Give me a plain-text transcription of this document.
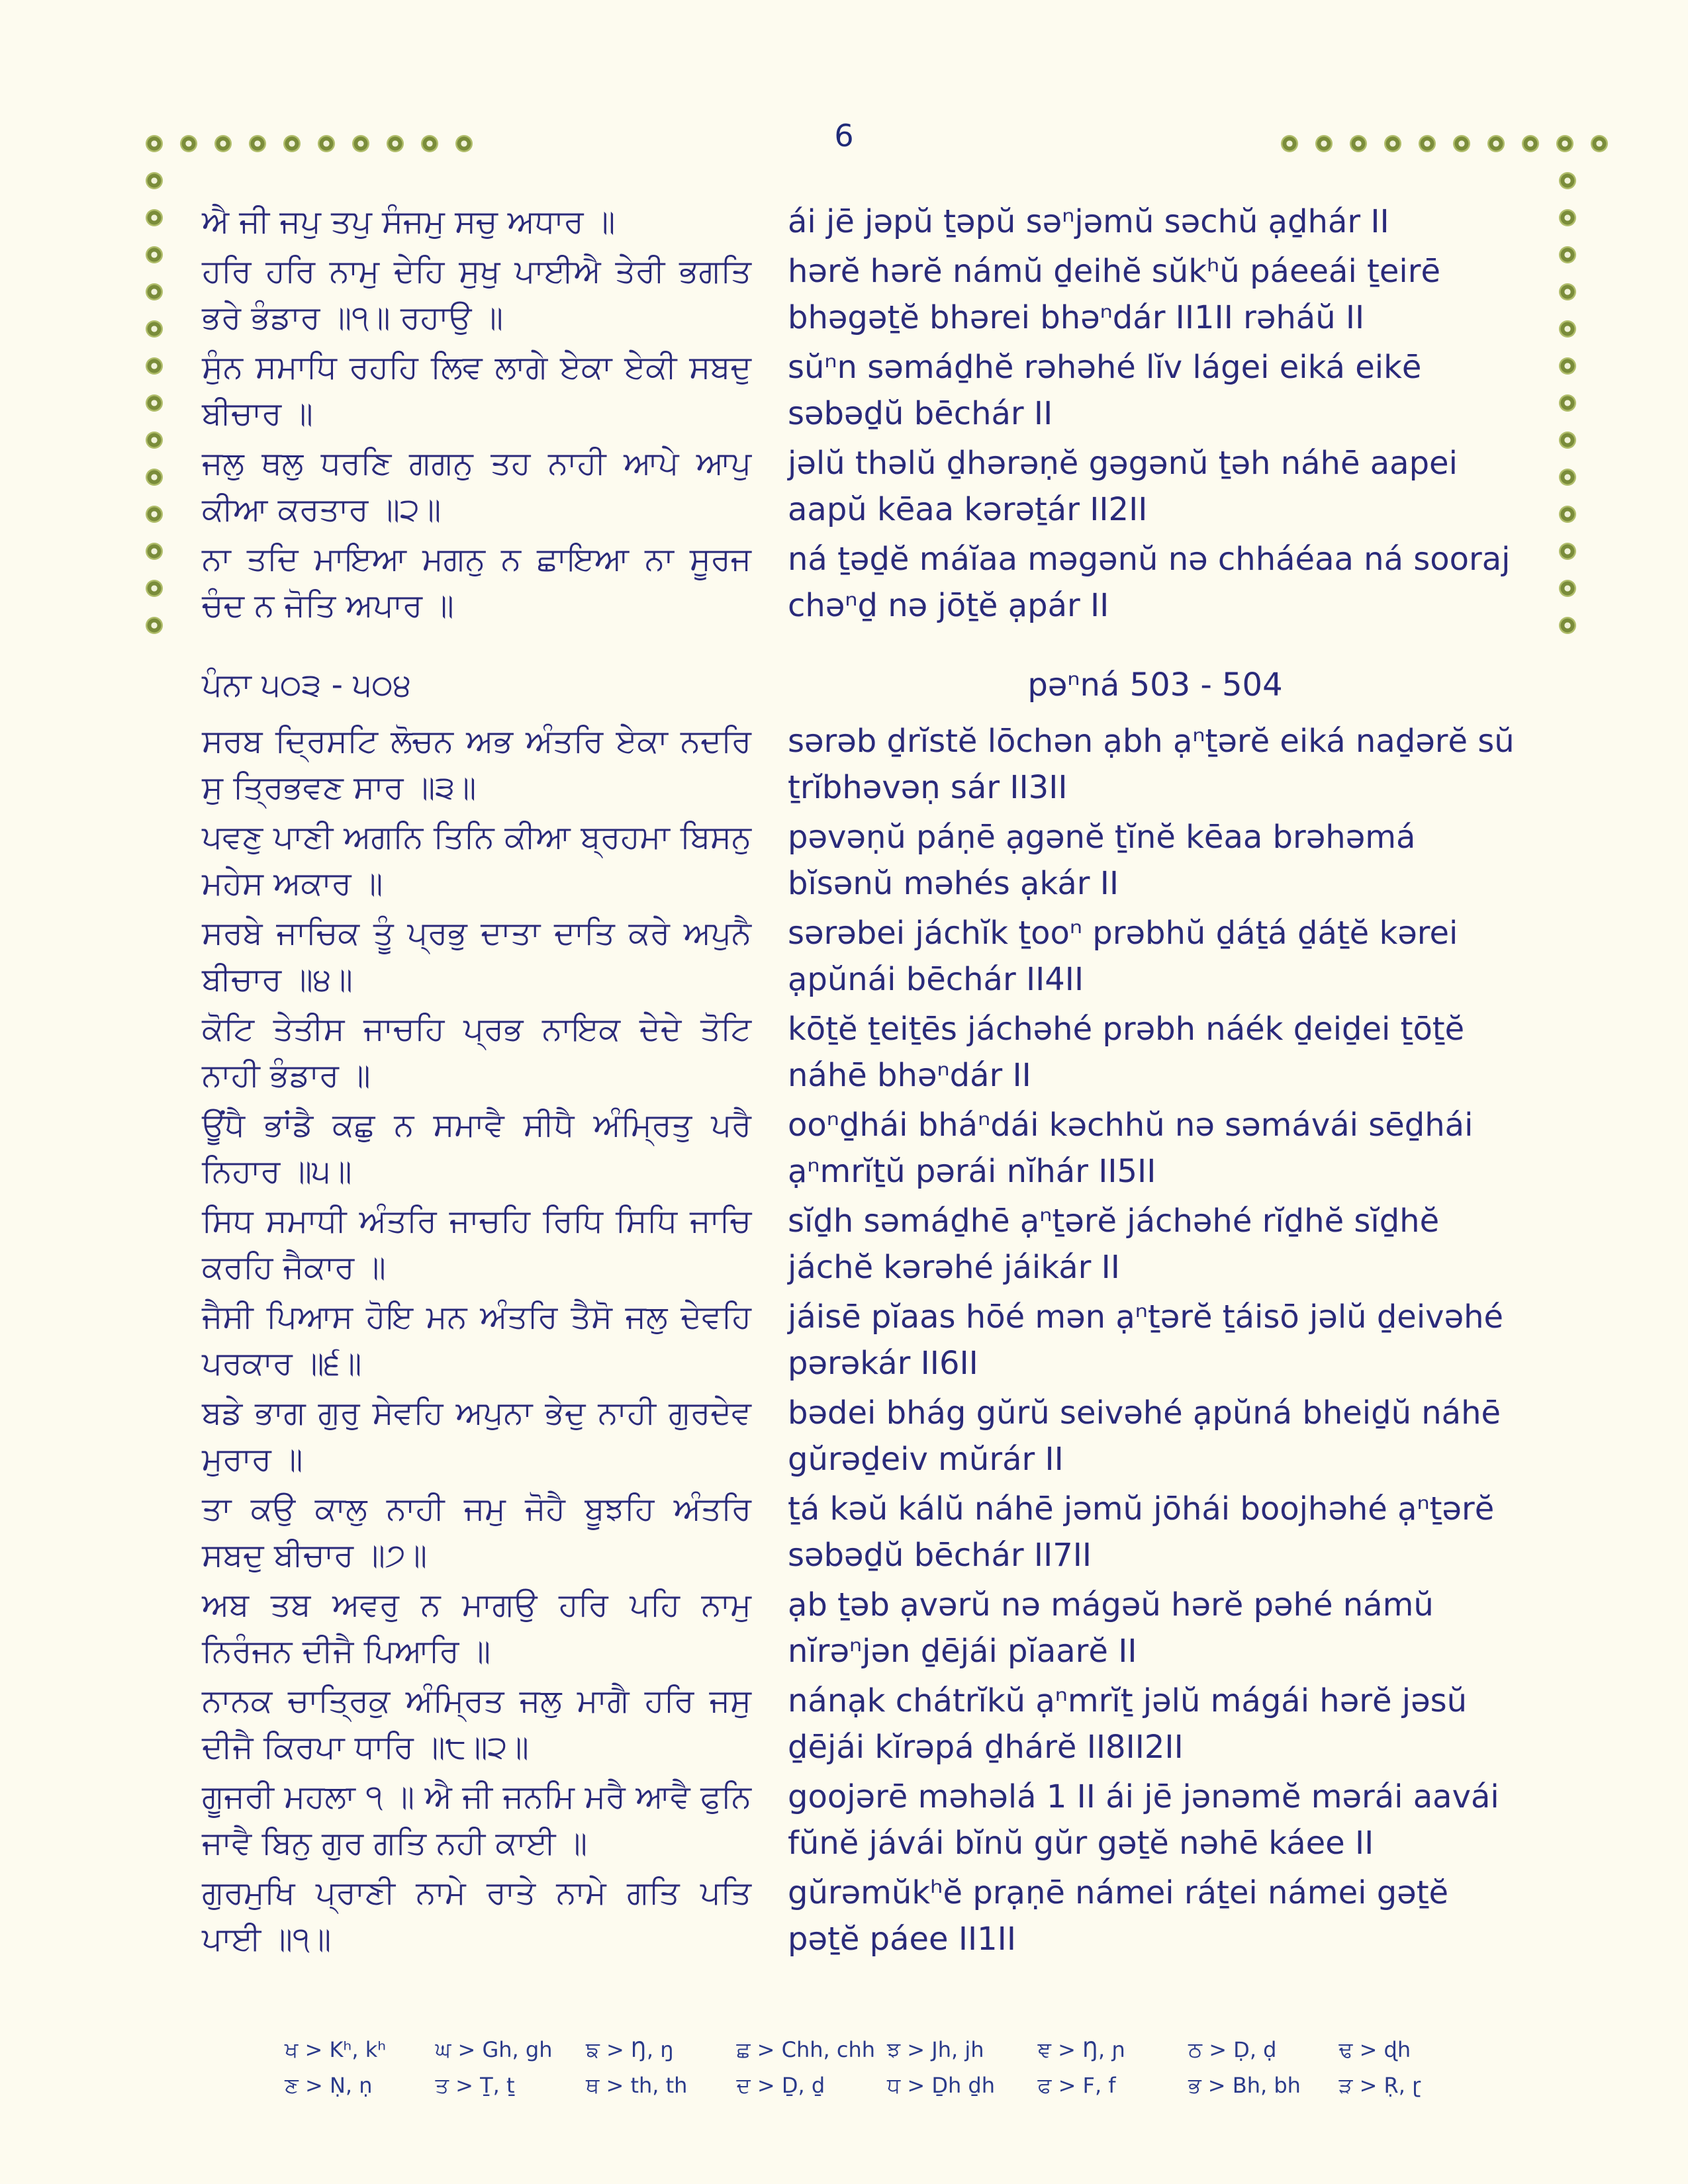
6
ਐ ਜੀ ਜਪੁ ਤਪੁ ਸੰਜਮੁ ਸਚੁ ਅਧਾਰ ॥	ái jē jəpŭ ṯəpŭ səⁿjəmŭ səchŭ ạḏhár II
ਹਰਿ ਹਰਿ ਨਾਮੁ ਦੇਹਿ ਸੁਖੁ ਪਾਈਐ ਤੇਰੀ ਭਗਤਿ ਭਰੇ ਭੰਡਾਰ ॥੧॥ ਰਹਾਉ ॥
hərĕ hərĕ námŭ ḏeihĕ sŭkʰŭ páeeái ṯeirē bhəgəṯĕ bhərei bhəⁿdár II1II rəháŭ II
ਸੁੰਨ ਸਮਾਧਿ ਰਹਹਿ ਲਿਵ ਲਾਗੇ ਏਕਾ ਏਕੀ ਸਬਦੁ ਬੀਚਾਰ ॥
sŭⁿn səmáḏhĕ rəhəhé lĭv lágei eiká eikē səbəḏŭ bēchár II
ਜਲੁ ਥਲੁ ਧਰਣਿ ਗਗਨੁ ਤਹ ਨਾਹੀ ਆਪੇ ਆਪੁ ਕੀਆ ਕਰਤਾਰ ॥੨॥
jəlŭ thəlŭ ḏhərəṇĕ gəgənŭ ṯəh náhē aapei aapŭ kēaa kərəṯár II2II
ਨਾ ਤਦਿ ਮਾਇਆ ਮਗਨੁ ਨ ਛਾਇਆ ਨਾ ਸੂਰਜ ਚੰਦ ਨ ਜੋਤਿ ਅਪਾਰ ॥
ná ṯəḏĕ máĭaa məgənŭ nə chháéaa ná sooraj chəⁿḏ nə jōṯĕ ạpár II
ਪੰਨਾ ੫੦੩ - ੫੦੪	pəⁿná 503 - 504
ਸਰਬ ਦ੍ਰਿਸਟਿ ਲੋਚਨ ਅਭ ਅੰਤਰਿ ਏਕਾ ਨਦਰਿ ਸੁ ਤ੍ਰਿਭਵਣ ਸਾਰ ॥੩॥
sərəb ḏrĭstĕ lōchən ạbh ạⁿṯərĕ eiká naḏərĕ sŭ ṯrĭbhəvəṇ sár II3II
ਪਵਣੁ ਪਾਣੀ ਅਗਨਿ ਤਿਨਿ ਕੀਆ ਬ੍ਰਹਮਾ ਬਿਸਨੁ ਮਹੇਸ ਅਕਾਰ ॥
pəvəṇŭ páṇē ạgənĕ ṯĭnĕ kēaa brəhəmá bĭsənŭ məhés ạkár II
ਸਰਬੇ ਜਾਚਿਕ ਤੂੰ ਪ੍ਰਭੁ ਦਾਤਾ ਦਾਤਿ ਕਰੇ ਅਪੁਨੈ ਬੀਚਾਰ ॥੪॥
sərəbei jáchĭk ṯooⁿ prəbhŭ ḏáṯá ḏáṯĕ kərei ạpŭnái bēchár II4II
ਕੋਟਿ ਤੇਤੀਸ ਜਾਚਹਿ ਪ੍ਰਭ ਨਾਇਕ ਦੇਦੇ ਤੋਟਿ ਨਾਹੀ ਭੰਡਾਰ ॥
kōṯĕ ṯeiṯēs jáchəhé prəbh náék ḏeiḏei ṯōṯĕ náhē bhəⁿdár II
ਊਂਧੈ ਭਾਂਡੈ ਕਛੁ ਨ ਸਮਾਵੈ ਸੀਧੈ ਅੰਮ੍ਰਿਤੁ ਪਰੈ ਨਿਹਾਰ ॥੫॥
ooⁿḏhái bháⁿdái kəchhŭ nə səmávái sēḏhái ạⁿmrĭṯŭ pərái nĭhár II5II
ਸਿਧ ਸਮਾਧੀ ਅੰਤਰਿ ਜਾਚਹਿ ਰਿਧਿ ਸਿਧਿ ਜਾਚਿ ਕਰਹਿ ਜੈਕਾਰ ॥
sĭḏh səmáḏhē ạⁿṯərĕ jáchəhé rĭḏhĕ sĭḏhĕ jáchĕ kərəhé jáikár II
ਜੈਸੀ ਪਿਆਸ ਹੋਇ ਮਨ ਅੰਤਰਿ ਤੈਸੋ ਜਲੁ ਦੇਵਹਿ ਪਰਕਾਰ ॥੬॥
jáisē pĭaas hōé mən ạⁿṯərĕ ṯáisō jəlŭ ḏeivəhé pərəkár II6II
ਬਡੇ ਭਾਗ ਗੁਰੁ ਸੇਵਹਿ ਅਪੁਨਾ ਭੇਦੁ ਨਾਹੀ ਗੁਰਦੇਵ ਮੁਰਾਰ ॥
bədei bhág gŭrŭ seivəhé ạpŭná bheiḏŭ náhē gŭrəḏeiv mŭrár II
ਤਾ ਕਉ ਕਾਲੁ ਨਾਹੀ ਜਮੁ ਜੋਹੈ ਬੂਝਹਿ ਅੰਤਰਿ ਸਬਦੁ ਬੀਚਾਰ ॥੭॥
ṯá kəŭ kálŭ náhē jəmŭ jōhái boojhəhé ạⁿṯərĕ səbəḏŭ bēchár II7II
ਅਬ ਤਬ ਅਵਰੁ ਨ ਮਾਗਉ ਹਰਿ ਪਹਿ ਨਾਮੁ ਨਿਰੰਜਨ ਦੀਜੈ ਪਿਆਰਿ ॥
ạb ṯəb ạvərŭ nə mágəŭ hərĕ pəhé námŭ nĭrəⁿjən ḏējái pĭaarĕ II
ਨਾਨਕ ਚਾਤ੍ਰਿਕੁ ਅੰਮ੍ਰਿਤ ਜਲੁ ਮਾਗੈ ਹਰਿ ਜਸੁ ਦੀਜੈ ਕਿਰਪਾ ਧਾਰਿ ॥੮॥੨॥
nánạk chátrĭkŭ ạⁿmrĭṯ jəlŭ mágái hərĕ jəsŭ ḏējái kĭrəpá ḏhárĕ II8II2II
ਗੂਜਰੀ ਮਹਲਾ ੧ ॥ ਐ ਜੀ ਜਨਮਿ ਮਰੈ ਆਵੈ ਫੁਨਿ ਜਾਵੈ ਬਿਨੁ ਗੁਰ ਗਤਿ ਨਹੀ ਕਾਈ ॥
goojərē məhəlá 1 II ái jē jənəmĕ mərái aavái fŭnĕ jávái bĭnŭ gŭr gəṯĕ nəhē káee II
ਗੁਰਮੁਖਿ ਪ੍ਰਾਣੀ ਨਾਮੇ ਰਾਤੇ ਨਾਮੇ ਗਤਿ ਪਤਿ ਪਾਈ ॥੧॥
gŭrəmŭkʰĕ prạṇē námei ráṯei námei gəṯĕ pəṯĕ páee II1II
ਖ > Kʰ, kʰ	ਘ > Gh, gh	ਙ > Ŋ, ŋ	ਛ > Chh, chh ਝ > Jh, jh	ਞ > Ŋ, ɲ	ਠ > Ḍ, ḍ	ਢ > ɖh
ਣ > Ṇ, ṇ	ਤ > Ṯ, ṯ	ਥ > th, th	ਦ > Ḏ, ḏ	ਧ > Ḏh ḏh	ਫ > F, f	ਭ > Bh, bh	ੜ > Ṛ, ɽ
